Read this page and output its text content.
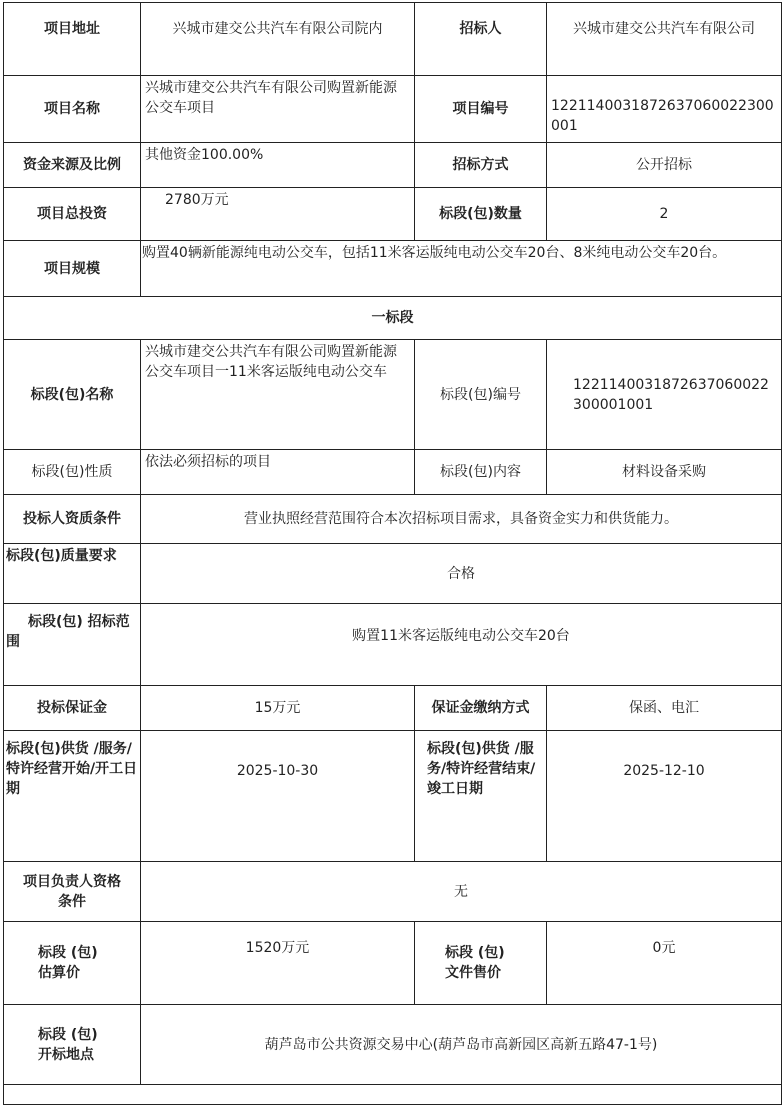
项目地址	兴城市建交公共汽车有限公司院内	招标人	兴城市建交公共汽车有限公司
项目名称	兴城市建交公共汽车有限公司购置新能源公交车项目	项目编号	1221140031872637060022300001
资金来源及比例	其他资金100.00%	招标方式	公开招标
项目总投资	2780万元	标段(包)数量	2
项目规模	购置40辆新能源纯电动公交车，包括11米客运版纯电动公交车20台、8米纯电动公交车20台。		
一标段			
标段(包)名称	兴城市建交公共汽车有限公司购置新能源公交车项目一11米客运版纯电动公交车	标段(包)编号	1221140031872637060022300001001
标段(包)性质	依法必须招标的项目	标段(包)内容	材料设备采购
投标人资质条件	营业执照经营范围符合本次招标项目需求，具备资金实力和供货能力。		
标段(包)质量要求	合格		
标段(包) 招标范围	购置11米客运版纯电动公交车20台		
投标保证金	15万元	保证金缴纳方式	保函、电汇
标段(包)供货 /服务/特许经营开始/开工日期	2025-10-30	标段(包)供货 /服务/特许经营结束/竣工日期	2025-12-10
项目负责人资格 条件	无		
标段 (包) 估算价	1520万元	标段 (包) 文件售价	0元
标段 (包) 开标地点	葫芦岛市公共资源交易中心(葫芦岛市高新园区高新五路47-1号)		
